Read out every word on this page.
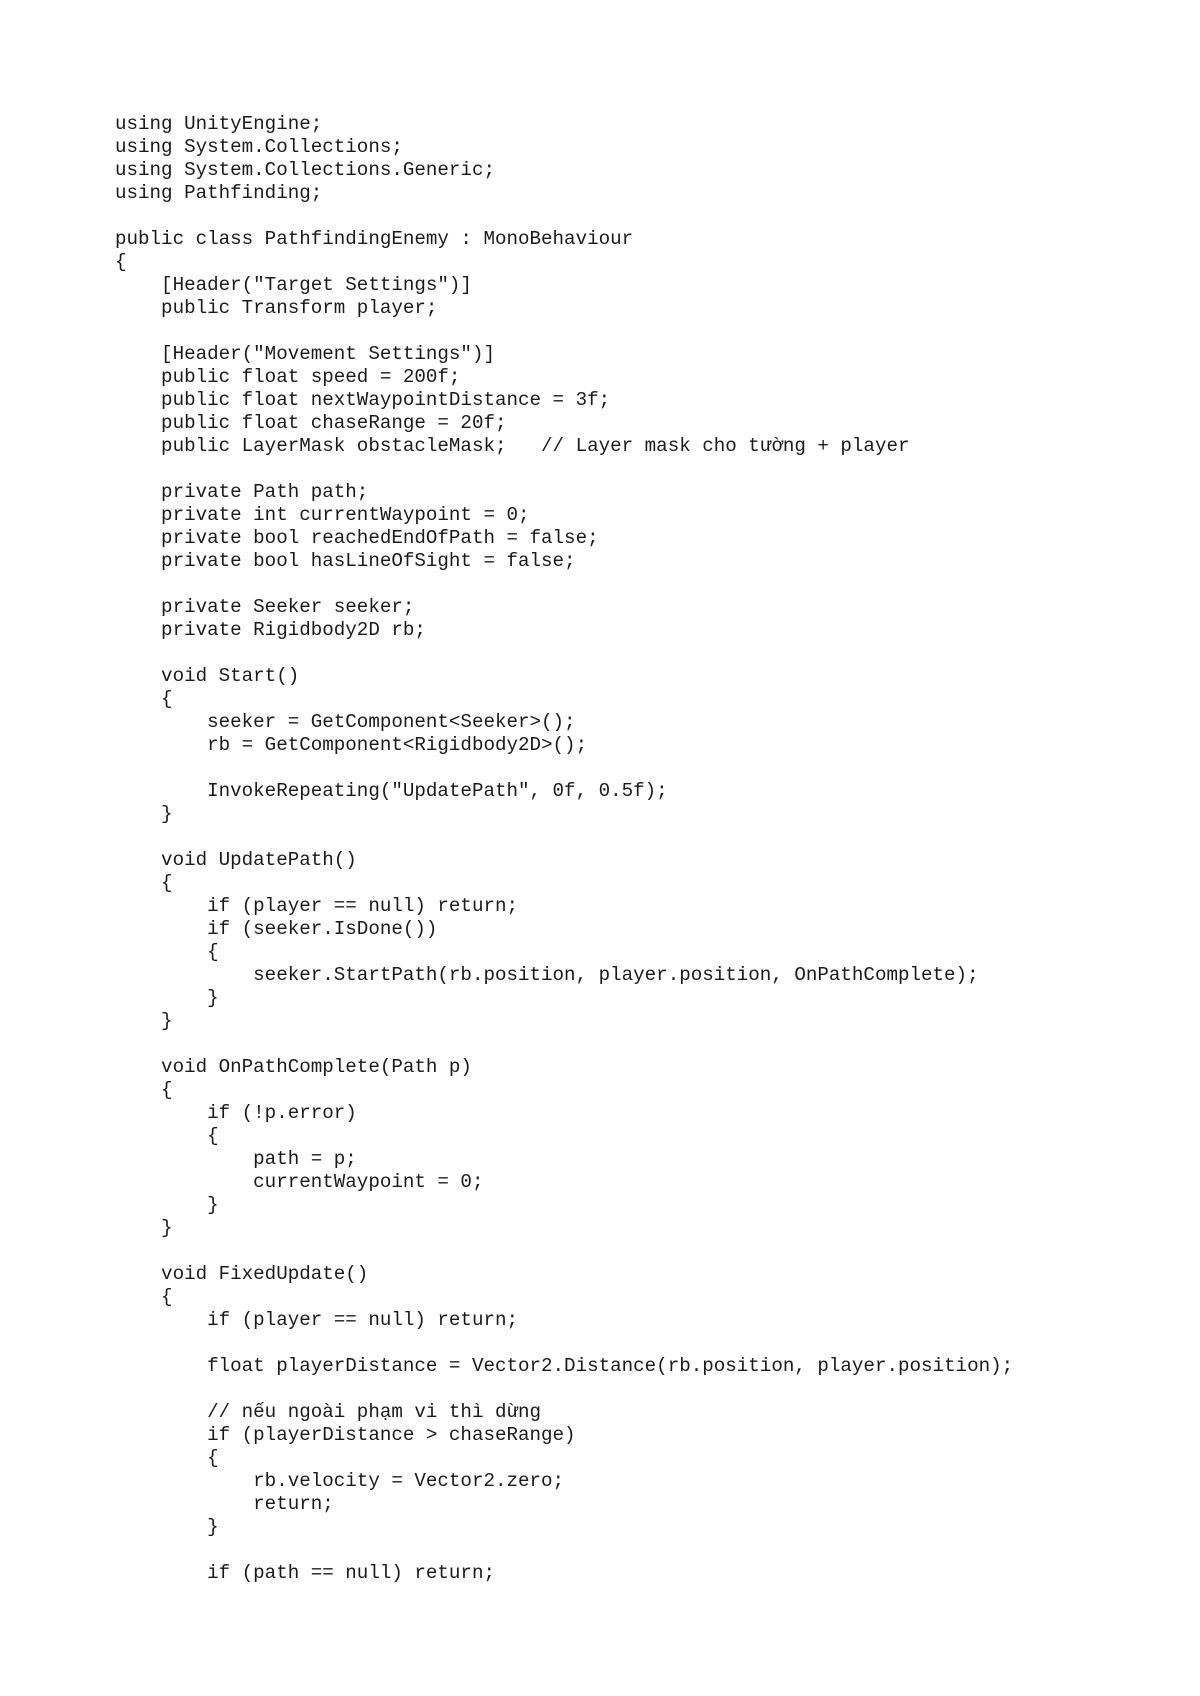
using UnityEngine;
using System.Collections;
using System.Collections.Generic;
using Pathfinding;
public class PathfindingEnemy : MonoBehaviour
{
[Header("Target Settings")]
public Transform player;
[Header("Movement Settings")]
public float speed = 200f;
public float nextWaypointDistance = 3f;
public float chaseRange = 20f;
public LayerMask obstacleMask;   // Layer mask cho tường + player
private Path path;
private int currentWaypoint = 0;
private bool reachedEndOfPath = false;
private bool hasLineOfSight = false;
private Seeker seeker;
private Rigidbody2D rb;
void Start()
{
seeker = GetComponent<Seeker>();
rb = GetComponent<Rigidbody2D>();
InvokeRepeating("UpdatePath", 0f, 0.5f);
}
void UpdatePath()
{
if (player == null) return;
if (seeker.IsDone())
{
seeker.StartPath(rb.position, player.position, OnPathComplete);
}
}
void OnPathComplete(Path p)
{
if (!p.error)
{
path = p;
currentWaypoint = 0;
}
}
void FixedUpdate()
{
if (player == null) return;
float playerDistance = Vector2.Distance(rb.position, player.position);
// nếu ngoài phạm vi thì dừng
if (playerDistance > chaseRange)
{
rb.velocity = Vector2.zero;
return;
}
if (path == null) return;
